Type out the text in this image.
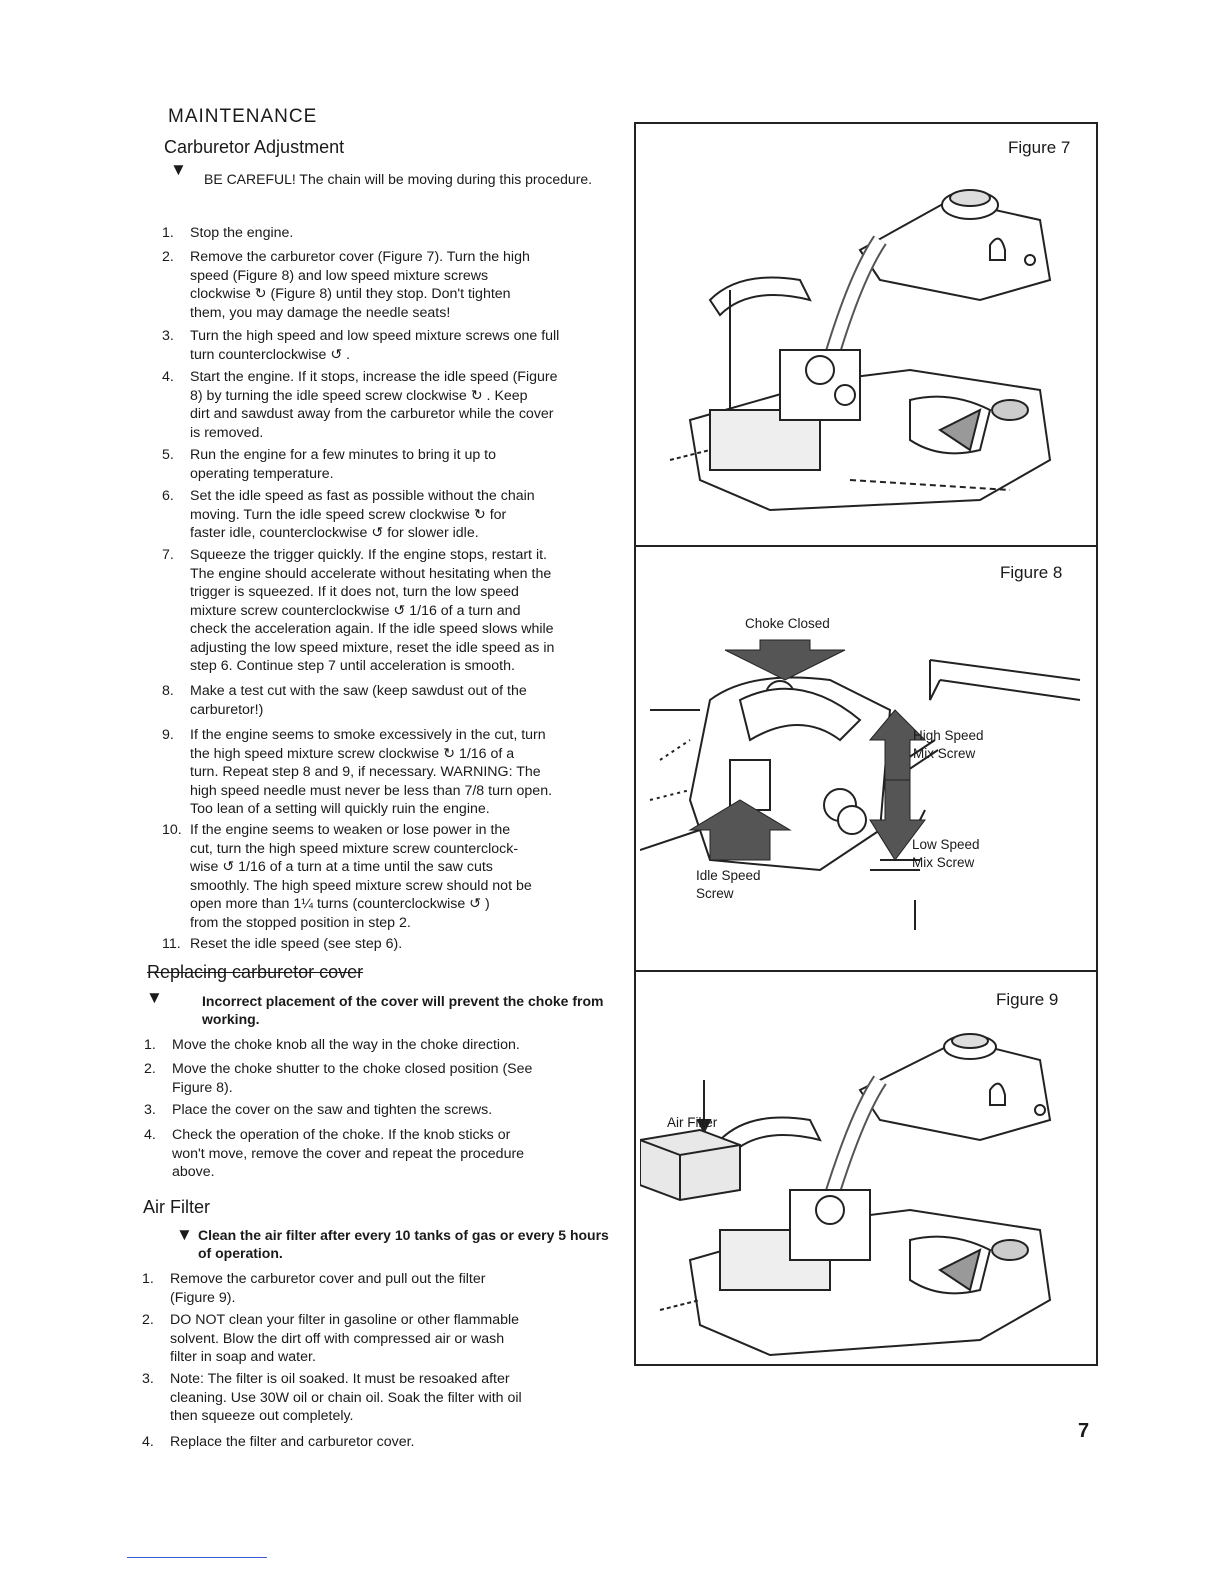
MAINTENANCE
Carburetor Adjustment
▼ BE CAREFUL! The chain will be moving during this procedure.
1.	Stop the engine.
2.	Remove the carburetor cover (Figure 7). Turn the high
speed (Figure 8) and low speed mixture screws
clockwise ↻ (Figure 8) until they stop. Don't tighten
them, you may damage the needle seats!
3.	Turn the high speed and low speed mixture screws one full
turn counterclockwise ↺ .
4.	Start the engine. If it stops, increase the idle speed (Figure
8) by turning the idle speed screw clockwise ↻ . Keep
dirt and sawdust away from the carburetor while the cover
is removed.
5.	Run the engine for a few minutes to bring it up to
operating temperature.
6.	Set the idle speed as fast as possible without the chain
moving. Turn the idle speed screw clockwise ↻ for
faster idle, counterclockwise ↺ for slower idle.
7.	Squeeze the trigger quickly. If the engine stops, restart it.
The engine should accelerate without hesitating when the
trigger is squeezed. If it does not, turn the low speed
mixture screw counterclockwise ↺ 1/16 of a turn and
check the acceleration again. If the idle speed slows while
adjusting the low speed mixture, reset the idle speed as in
step 6. Continue step 7 until acceleration is smooth.
8.	Make a test cut with the saw (keep sawdust out of the
carburetor!)
9.	If the engine seems to smoke excessively in the cut, turn
the high speed mixture screw clockwise ↻ 1/16 of a
turn. Repeat step 8 and 9, if necessary. WARNING: The
high speed needle must never be less than 7/8 turn open.
Too lean of a setting will quickly ruin the engine.
10. If the engine seems to weaken or lose power in the
cut, turn the high speed mixture screw counterclock-
wise ↺ 1/16 of a turn at a time until the saw cuts
smoothly. The high speed mixture screw should not be
open more than 1¼ turns (counterclockwise ↺ )
from the stopped position in step 2.
11. Reset the idle speed (see step 6).
Replacing carburetor cover
▼	Incorrect placement of the cover will prevent the choke from working.
1.	Move the choke knob all the way in the choke direction.
2.	Move the choke shutter to the choke closed position (See
Figure 8).
3.	Place the cover on the saw and tighten the screws.
4.	Check the operation of the choke. If the knob sticks or
won't move, remove the cover and repeat the procedure
above.
Air Filter
▼ Clean the air filter after every 10 tanks of gas or every 5 hours of operation.
1.	Remove the carburetor cover and pull out the filter
(Figure 9).
2.	DO NOT clean your filter in gasoline or other flammable
solvent. Blow the dirt off with compressed air or wash
filter in soap and water.
3.	Note: The filter is oil soaked. It must be resoaked after
cleaning. Use 30W oil or chain oil. Soak the filter with oil
then squeeze out completely.
4.	Replace the filter and carburetor cover.
Figure 7
Figure 8
Figure 9
Choke Closed
High Speed
Mix Screw
Low Speed
Mix Screw
Idle Speed
Screw
Air Filter
7
